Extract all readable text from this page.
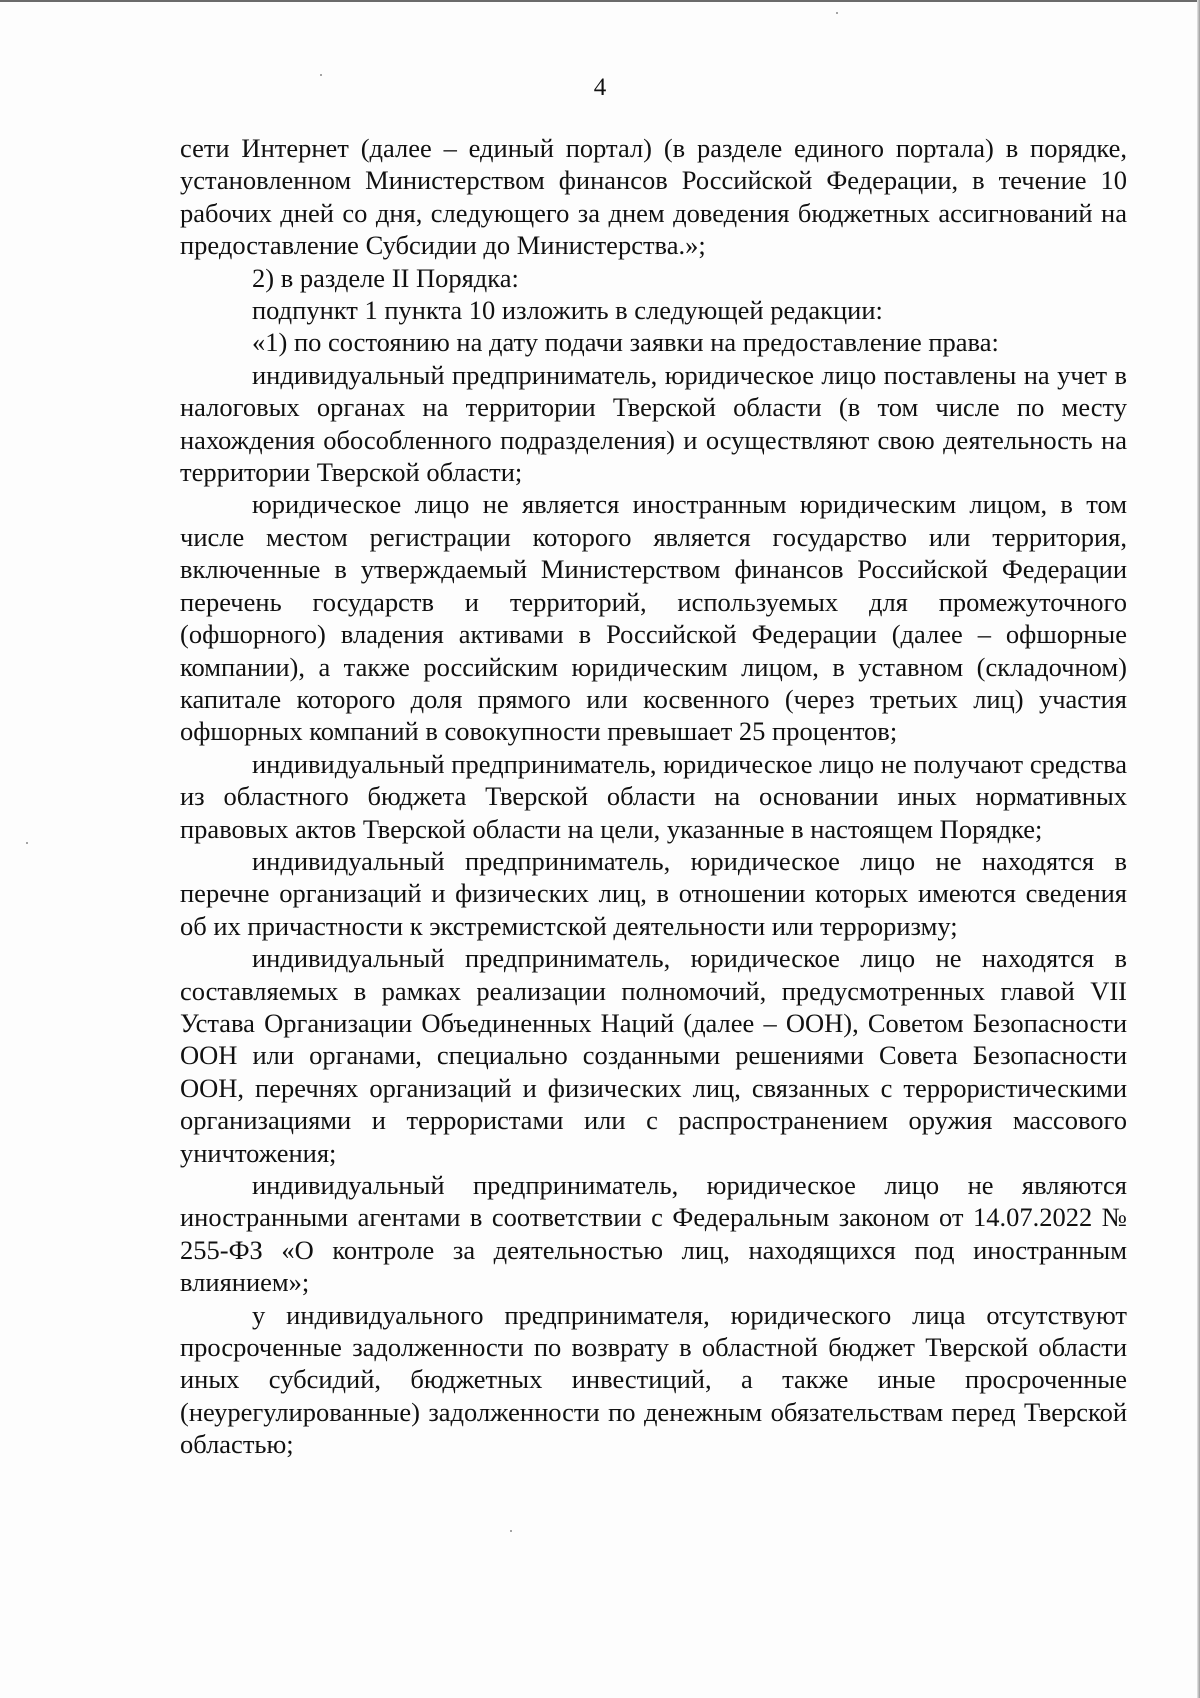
4

сети Интернет (далее – единый портал) (в разделе единого портала) в порядке, установленном Министерством финансов Российской Федерации, в течение 10 рабочих дней со дня, следующего за днем доведения бюджетных ассигнований на предоставление Субсидии до Министерства.»;

2) в разделе II Порядка:

подпункт 1 пункта 10 изложить в следующей редакции:

«1) по состоянию на дату подачи заявки на предоставление права:

индивидуальный предприниматель, юридическое лицо поставлены на учет в налоговых органах на территории Тверской области (в том числе по месту нахождения обособленного подразделения) и осуществляют свою деятельность на территории Тверской области;

юридическое лицо не является иностранным юридическим лицом, в том числе местом регистрации которого является государство или территория, включенные в утверждаемый Министерством финансов Российской Федерации перечень государств и территорий, используемых для промежуточного (офшорного) владения активами в Российской Федерации (далее – офшорные компании), а также российским юридическим лицом, в уставном (складочном) капитале которого доля прямого или косвенного (через третьих лиц) участия офшорных компаний в совокупности превышает 25 процентов;

индивидуальный предприниматель, юридическое лицо не получают средства из областного бюджета Тверской области на основании иных нормативных правовых актов Тверской области на цели, указанные в настоящем Порядке;

индивидуальный предприниматель, юридическое лицо не находятся в перечне организаций и физических лиц, в отношении которых имеются сведения об их причастности к экстремистской деятельности или терроризму;

индивидуальный предприниматель, юридическое лицо не находятся в составляемых в рамках реализации полномочий, предусмотренных главой VII Устава Организации Объединенных Наций (далее – ООН), Советом Безопасности ООН или органами, специально созданными решениями Совета Безопасности ООН, перечнях организаций и физических лиц, связанных с террористическими организациями и террористами или с распространением оружия массового уничтожения;

индивидуальный предприниматель, юридическое лицо не являются иностранными агентами в соответствии с Федеральным законом от 14.07.2022 № 255-ФЗ «О контроле за деятельностью лиц, находящихся под иностранным влиянием»;

у индивидуального предпринимателя, юридического лица отсутствуют просроченные задолженности по возврату в областной бюджет Тверской области иных субсидий, бюджетных инвестиций, а также иные просроченные (неурегулированные) задолженности по денежным обязательствам перед Тверской областью;
